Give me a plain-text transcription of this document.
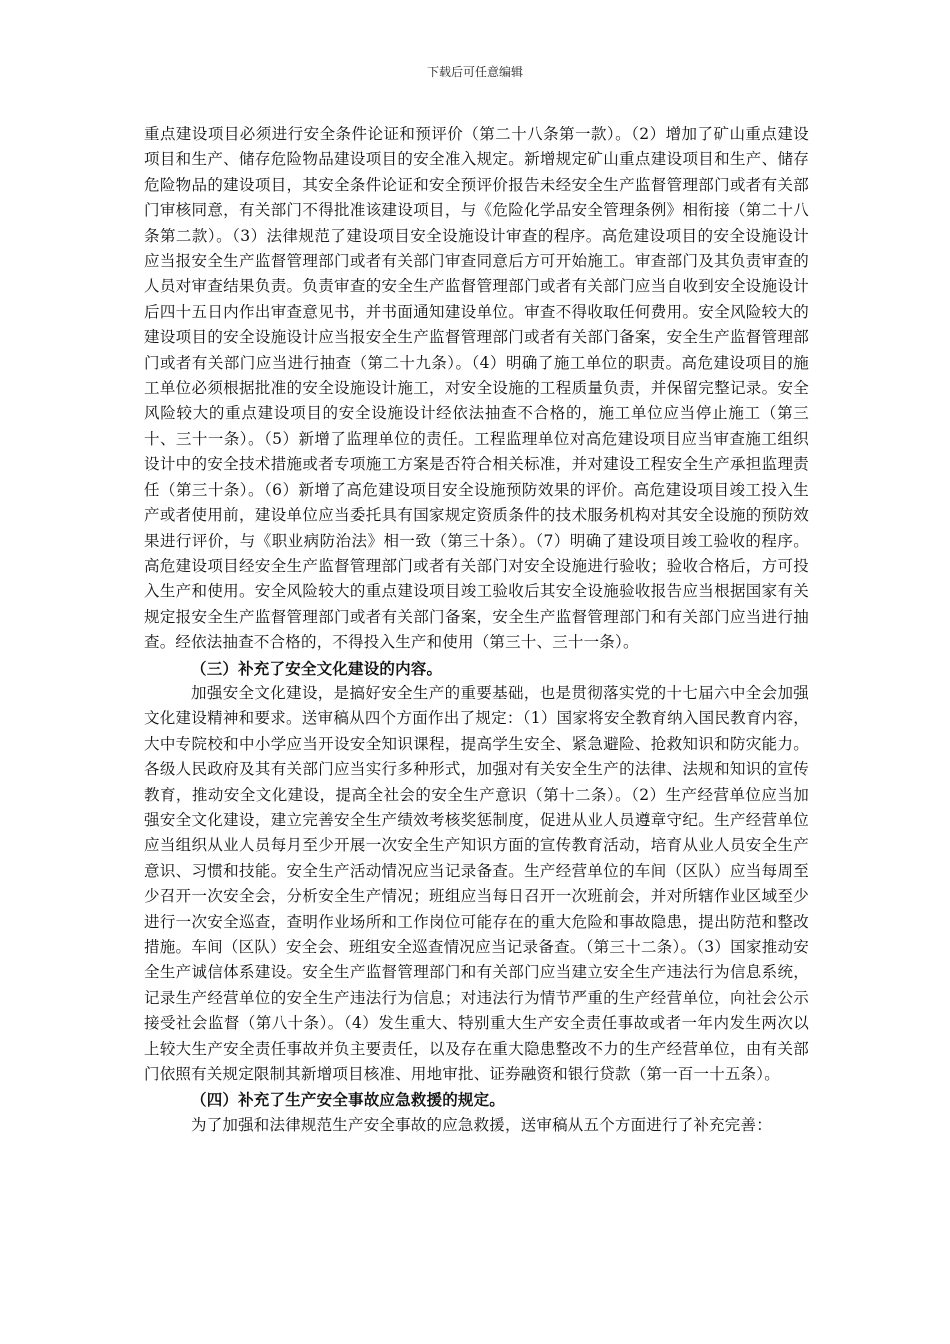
下载后可任意编辑

重点建设项目必须进行安全条件论证和预评价（第二十八条第一款）。（2）增加了矿山重点建设项目和生产、储存危险物品建设项目的安全准入规定。新增规定矿山重点建设项目和生产、储存危险物品的建设项目，其安全条件论证和安全预评价报告未经安全生产监督管理部门或者有关部门审核同意，有关部门不得批准该建设项目，与《危险化学品安全管理条例》相衔接（第二十八条第二款）。（3）法律规范了建设项目安全设施设计审查的程序。高危建设项目的安全设施设计应当报安全生产监督管理部门或者有关部门审查同意后方可开始施工。审查部门及其负责审查的人员对审查结果负责。负责审查的安全生产监督管理部门或者有关部门应当自收到安全设施设计后四十五日内作出审查意见书，并书面通知建设单位。审查不得收取任何费用。安全风险较大的建设项目的安全设施设计应当报安全生产监督管理部门或者有关部门备案，安全生产监督管理部门或者有关部门应当进行抽查（第二十九条）。（4）明确了施工单位的职责。高危建设项目的施工单位必须根据批准的安全设施设计施工，对安全设施的工程质量负责，并保留完整记录。安全风险较大的重点建设项目的安全设施设计经依法抽查不合格的，施工单位应当停止施工（第三十、三十一条）。（5）新增了监理单位的责任。工程监理单位对高危建设项目应当审查施工组织设计中的安全技术措施或者专项施工方案是否符合相关标准，并对建设工程安全生产承担监理责任（第三十条）。（6）新增了高危建设项目安全设施预防效果的评价。高危建设项目竣工投入生产或者使用前，建设单位应当委托具有国家规定资质条件的技术服务机构对其安全设施的预防效果进行评价，与《职业病防治法》相一致（第三十条）。（7）明确了建设项目竣工验收的程序。高危建设项目经安全生产监督管理部门或者有关部门对安全设施进行验收；验收合格后，方可投入生产和使用。安全风险较大的重点建设项目竣工验收后其安全设施验收报告应当根据国家有关规定报安全生产监督管理部门或者有关部门备案，安全生产监督管理部门和有关部门应当进行抽查。经依法抽查不合格的，不得投入生产和使用（第三十、三十一条）。

（三）补充了安全文化建设的内容。

加强安全文化建设，是搞好安全生产的重要基础，也是贯彻落实党的十七届六中全会加强文化建设精神和要求。送审稿从四个方面作出了规定：（1）国家将安全教育纳入国民教育内容，大中专院校和中小学应当开设安全知识课程，提高学生安全、紧急避险、抢救知识和防灾能力。各级人民政府及其有关部门应当实行多种形式，加强对有关安全生产的法律、法规和知识的宣传教育，推动安全文化建设，提高全社会的安全生产意识（第十二条）。（2）生产经营单位应当加强安全文化建设，建立完善安全生产绩效考核奖惩制度，促进从业人员遵章守纪。生产经营单位应当组织从业人员每月至少开展一次安全生产知识方面的宣传教育活动，培育从业人员安全生产意识、习惯和技能。安全生产活动情况应当记录备查。生产经营单位的车间（区队）应当每周至少召开一次安全会，分析安全生产情况；班组应当每日召开一次班前会，并对所辖作业区域至少进行一次安全巡查，查明作业场所和工作岗位可能存在的重大危险和事故隐患，提出防范和整改措施。车间（区队）安全会、班组安全巡查情况应当记录备查。（第三十二条）。（3）国家推动安全生产诚信体系建设。安全生产监督管理部门和有关部门应当建立安全生产违法行为信息系统，记录生产经营单位的安全生产违法行为信息；对违法行为情节严重的生产经营单位，向社会公示接受社会监督（第八十条）。（4）发生重大、特别重大生产安全责任事故或者一年内发生两次以上较大生产安全责任事故并负主要责任，以及存在重大隐患整改不力的生产经营单位，由有关部门依照有关规定限制其新增项目核准、用地审批、证券融资和银行贷款（第一百一十五条）。

（四）补充了生产安全事故应急救援的规定。

为了加强和法律规范生产安全事故的应急救援，送审稿从五个方面进行了补充完善：
